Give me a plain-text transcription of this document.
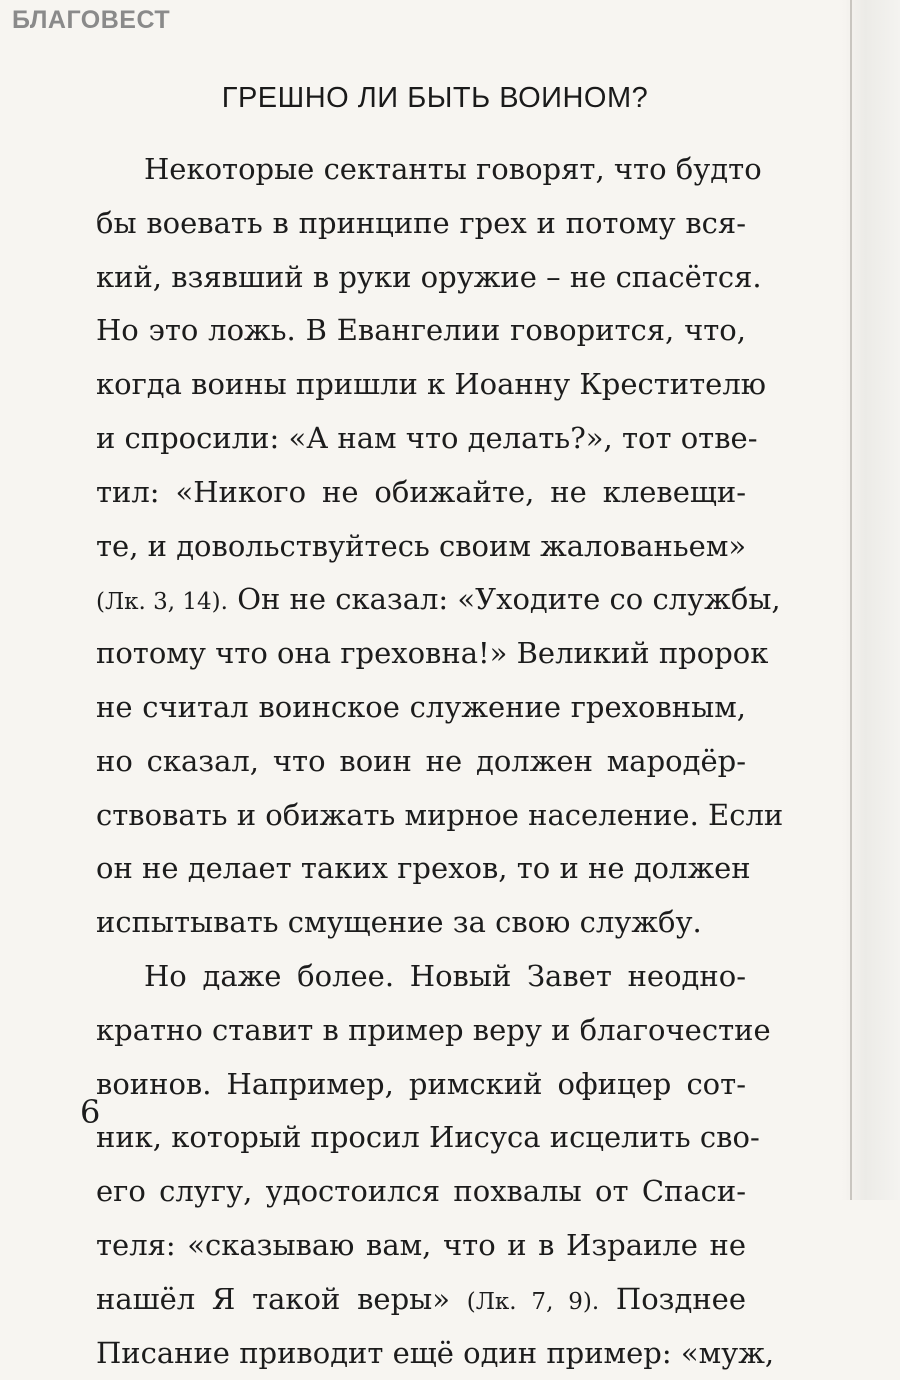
БЛАГОВЕСТ
ГРЕШНО ЛИ БЫТЬ ВОИНОМ?
Некоторые сектанты говорят, что будто
бы воевать в принципе грех и потому вся-
кий, взявший в руки оружие – не спасётся.
Но это ложь. В Евангелии говорится, что,
когда воины пришли к Иоанну Крестителю
и спросили: «А нам что делать?», тот отве-
тил: «Никого не обижайте, не клевещи-
те, и довольствуйтесь своим жалованьем»
(Лк. 3, 14). Он не сказал: «Уходите со службы,
потому что она греховна!» Великий пророк
не считал воинское служение греховным,
но сказал, что воин не должен мародёр-
ствовать и обижать мирное население. Если
он не делает таких грехов, то и не должен
испытывать смущение за свою службу.
Но даже более. Новый Завет неодно-
кратно ставит в пример веру и благочестие
воинов. Например, римский офицер сот-
ник, который просил Иисуса исцелить сво-
его слугу, удостоился похвалы от Спаси-
теля: «сказываю вам, что и в Израиле не
нашёл Я такой веры» (Лк. 7, 9). Позднее
Писание приводит ещё один пример: «муж,
6
